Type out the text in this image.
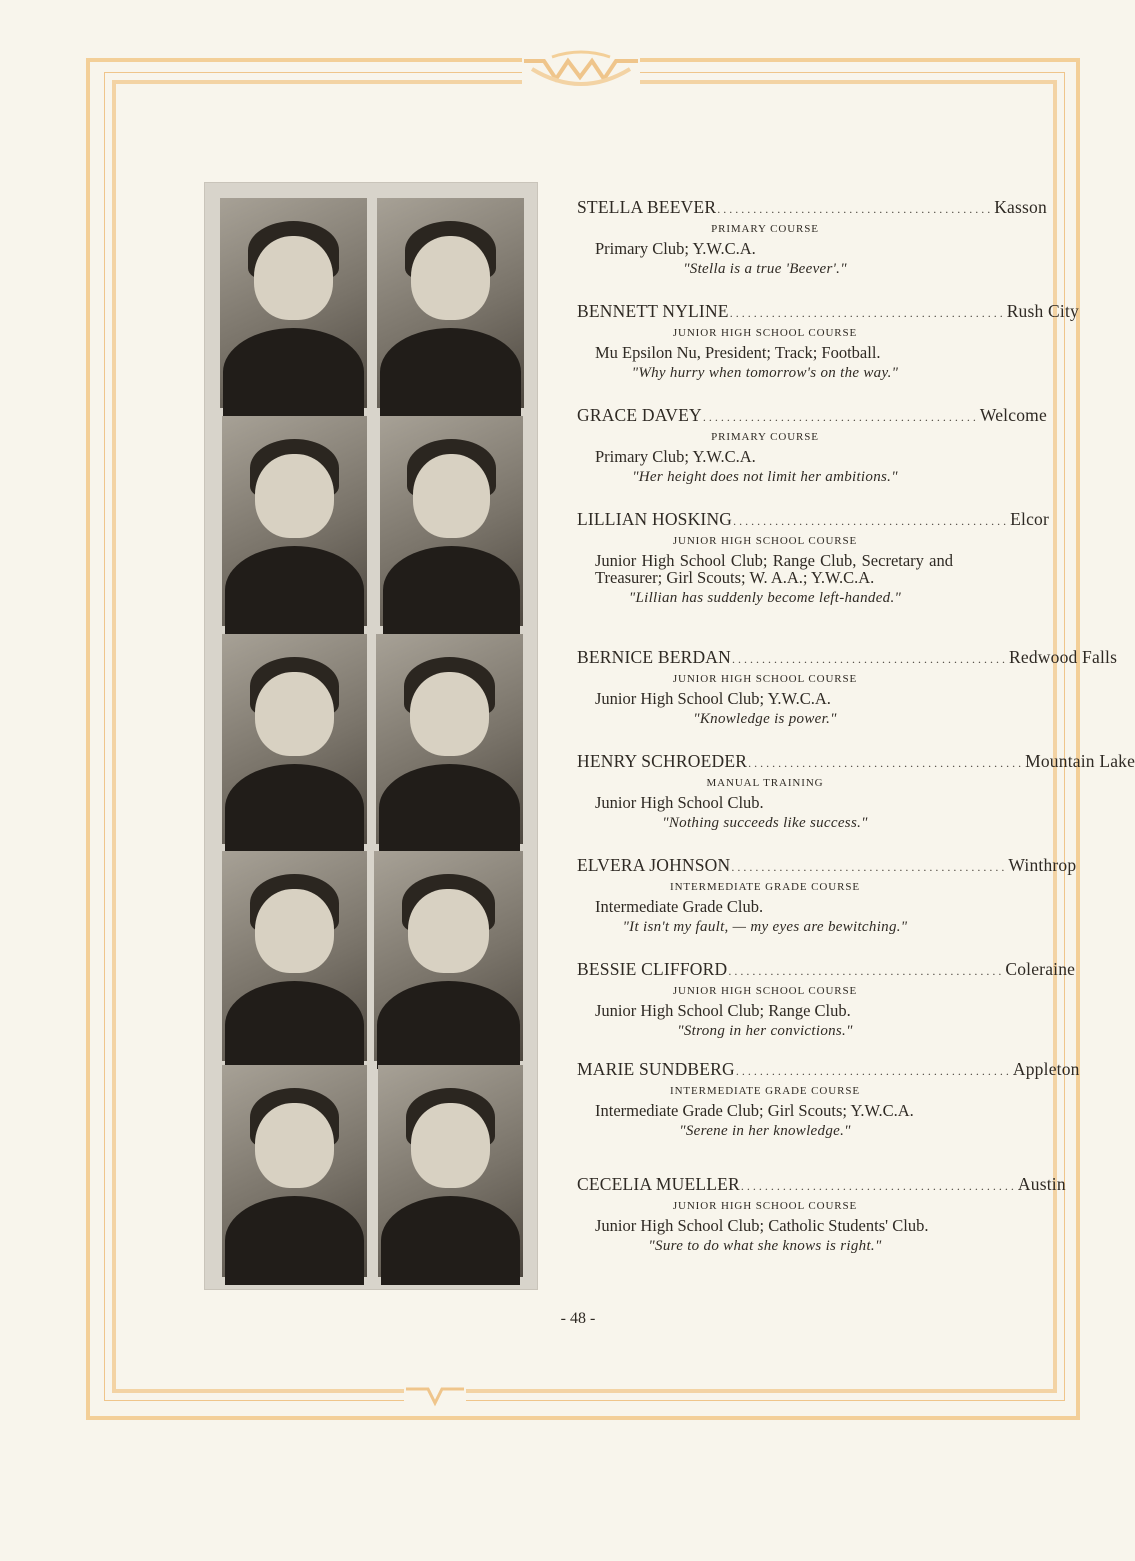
STELLA BEEVER .............................................. Kasson
PRIMARY COURSE
Primary Club; Y.W.C.A.
"Stella is a true 'Beever'."
BENNETT NYLINE .............................................. Rush City
JUNIOR HIGH SCHOOL COURSE
Mu Epsilon Nu, President; Track; Football.
"Why hurry when tomorrow's on the way."
GRACE DAVEY .............................................. Welcome
PRIMARY COURSE
Primary Club; Y.W.C.A.
"Her height does not limit her ambitions."
LILLIAN HOSKING .............................................. Elcor
JUNIOR HIGH SCHOOL COURSE
Junior High School Club; Range Club, Secretary and Treasurer; Girl Scouts; W. A.A.; Y.W.C.A.
"Lillian has suddenly become left-handed."
BERNICE BERDAN .............................................. Redwood Falls
JUNIOR HIGH SCHOOL COURSE
Junior High School Club; Y.W.C.A.
"Knowledge is power."
HENRY SCHROEDER .............................................. Mountain Lake
MANUAL TRAINING
Junior High School Club.
"Nothing succeeds like success."
ELVERA JOHNSON .............................................. Winthrop
INTERMEDIATE GRADE COURSE
Intermediate Grade Club.
"It isn't my fault, — my eyes are bewitching."
BESSIE CLIFFORD .............................................. Coleraine
JUNIOR HIGH SCHOOL COURSE
Junior High School Club; Range Club.
"Strong in her convictions."
MARIE SUNDBERG .............................................. Appleton
INTERMEDIATE GRADE COURSE
Intermediate Grade Club; Girl Scouts; Y.W.C.A.
"Serene in her knowledge."
CECELIA MUELLER .............................................. Austin
JUNIOR HIGH SCHOOL COURSE
Junior High School Club; Catholic Students' Club.
"Sure to do what she knows is right."
- 48 -
